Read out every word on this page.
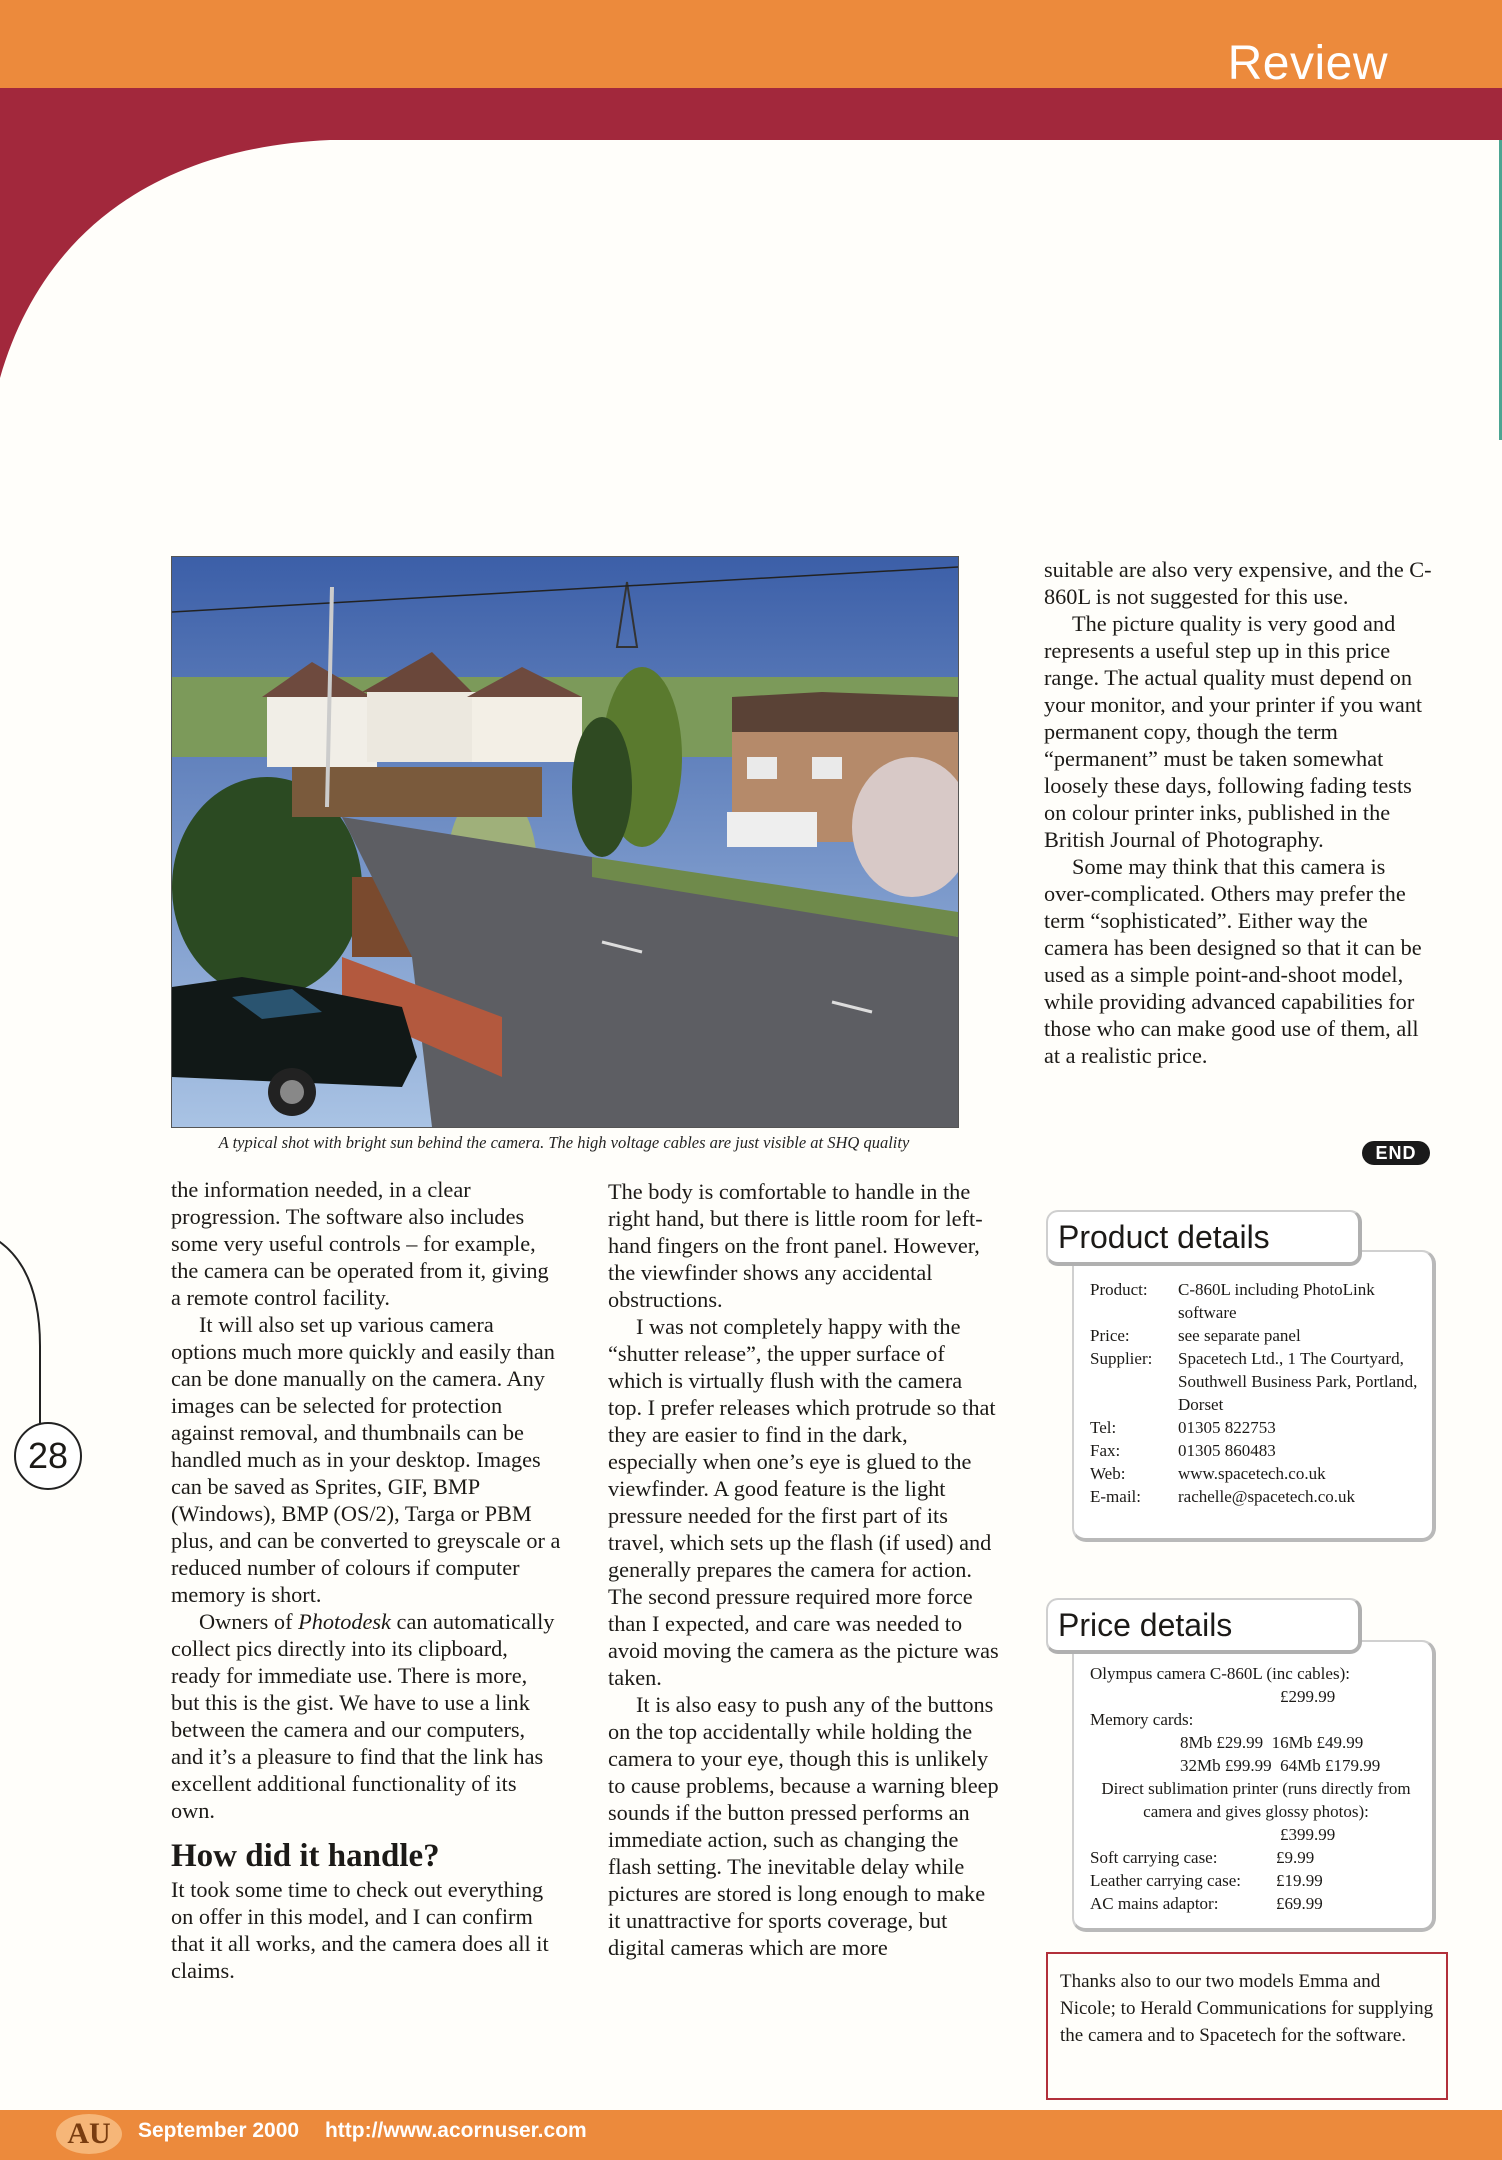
Review
A typical shot with bright sun behind the camera. The high voltage cables are just visible at SHQ quality

the information needed, in a clear progression. The software also includes some very useful controls – for example, the camera can be operated from it, giving a remote control facility.

It will also set up various camera options much more quickly and easily than can be done manually on the camera. Any images can be selected for protection against removal, and thumbnails can be handled much as in your desktop. Images can be saved as Sprites, GIF, BMP (Windows), BMP (OS/2), Targa or PBM plus, and can be converted to greyscale or a reduced number of colours if computer memory is short.

Owners of Photodesk can automatically collect pics directly into its clipboard, ready for immediate use. There is more, but this is the gist. We have to use a link between the camera and our computers, and it’s a pleasure to find that the link has excellent additional functionality of its own.

How did it handle?

It took some time to check out everything on offer in this model, and I can confirm that it all works, and the camera does all it claims.

The body is comfortable to handle in the right hand, but there is little room for left-hand fingers on the front panel. However, the viewfinder shows any accidental obstructions.

I was not completely happy with the “shutter release”, the upper surface of which is virtually flush with the camera top. I prefer releases which protrude so that they are easier to find in the dark, especially when one’s eye is glued to the viewfinder. A good feature is the light pressure needed for the first part of its travel, which sets up the flash (if used) and generally prepares the camera for action. The second pressure required more force than I expected, and care was needed to avoid moving the camera as the picture was taken.

It is also easy to push any of the buttons on the top accidentally while holding the camera to your eye, though this is unlikely to cause problems, because a warning bleep sounds if the button pressed performs an immediate action, such as changing the flash setting. The inevitable delay while pictures are stored is long enough to make it unattractive for sports coverage, but digital cameras which are more

suitable are also very expensive, and the C-860L is not suggested for this use.

The picture quality is very good and represents a useful step up in this price range. The actual quality must depend on your monitor, and your printer if you want permanent copy, though the term “permanent” must be taken somewhat loosely these days, following fading tests on colour printer inks, published in the British Journal of Photography.

Some may think that this camera is over-complicated. Others may prefer the term “sophisticated”. Either way the camera has been designed so that it can be used as a simple point-and-shoot model, while providing advanced capabilities for those who can make good use of them, all at a realistic price.

END
28
Product details
Product:	C-860L including PhotoLink software
Price:	see separate panel
Supplier:	Spacetech Ltd., 1 The Courtyard, Southwell Business Park, Portland, Dorset
Tel:	01305 822753
Fax:	01305 860483
Web:	www.spacetech.co.uk
E-mail:	rachelle@spacetech.co.uk
Price details

Olympus camera C-860L (inc cables):

£299.99

Memory cards:

8Mb £29.99  16Mb £49.99

32Mb £99.99  64Mb £179.99

Direct sublimation printer (runs directly from camera and gives glossy photos):

£399.99

Soft carrying case:	£9.99

Leather carrying case: £19.99

AC mains adaptor:	£69.99

Thanks also to our two models Emma and Nicole; to Herald Communications for supplying the camera and to Spacetech for the software.
AU	September 2000 http://www.acornuser.com
